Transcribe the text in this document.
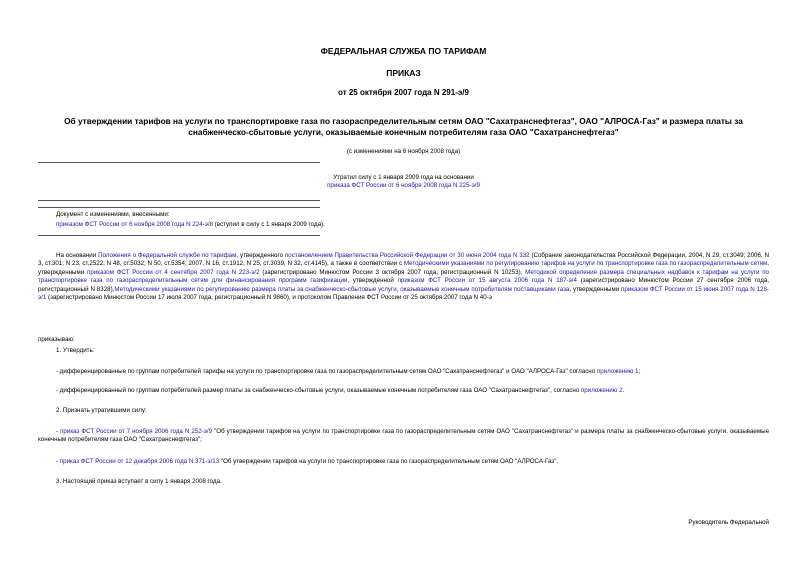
ФЕДЕРАЛЬНАЯ СЛУЖБА ПО ТАРИФАМ
ПРИКАЗ
от 25 октября 2007 года N 291-э/9
Об утверждении тарифов на услуги по транспортировке газа по газораспределительным сетям ОАО "Сахатранснефтегаз", ОАО "АЛРОСА-Газ" и размера платы за снабженческо-сбытовые услуги, оказываемые конечным потребителям газа ОАО "Сахатранснефтегаз"
(с изменениями на 6 ноября 2008 года)
Утратил силу с 1 января 2009 года на основании
приказа ФСТ России от 6 ноября 2008 года N 225-э/9
Документ с изменениями, внесенными:
приказом ФСТ России от 6 ноября 2008 года N 224-э/8 (вступил в силу с 1 января 2009 года).
На основании Положения о Федеральной службе по тарифам, утвержденного постановлением Правительства Российской Федерации от 30 июня 2004 года N 332 (Собрание законодательства Российской Федерации, 2004, N 29, ст.3049; 2006, N 3, ст.301; N 23, ст.2522; N 48, ст.5032; N 50, ст.5354; 2007, N 16, ст.1912, N 25, ст.3039, N 32, ст.4145), а также в соответствии с Методическими указаниями по регулированию тарифов на услуги по транспортировке газа по газораспределительным сетям, утвержденными приказом ФСТ России от 4 сентября 2007 года N 223-э/2 (зарегистрировано Минюстом России 3 октября 2007 года, регистрационный N 10253), Методикой определения размера специальных надбавок к тарифам на услуги по транспортировке газа по газораспределительным сетям для финансирования программ газификации, утвержденной приказом ФСТ России от 15 августа 2006 года N 187-э/4 (зарегистрировано Минюстом России 27 сентября 2006 года, регистрационный N 8328),Методическими указаниями по регулированию размера платы за снабженческо-сбытовые услуги, оказываемые конечным потребителям поставщиками газа, утвержденными приказом ФСТ России от 15 июня 2007 года N 128-э/1 (зарегистрировано Минюстом России 17 июля 2007 года, регистрационный N 9860), и протоколом Правления ФСТ России от 25 октября 2007 года N 40-э
приказываю:
1. Утвердить:
- дифференцированные по группам потребителей тарифы на услуги по транспортировке газа по газораспределительным сетям ОАО "Сахатранснефтегаз" и ОАО "АЛРОСА-Газ" согласно приложению 1;
- дифференцированный по группам потребителей размер платы за снабженческо-сбытовые услуги, оказываемые конечным потребителям газа ОАО "Сахатранснефтегаз", согласно приложению 2.
2. Признать утратившими силу:
- приказ ФСТ России от 7 ноября 2006 года N 252-э/9 "Об утверждении тарифов на услуги по транспортировке газа по газораспределительным сетям ОАО "Сахатранснефтегаз" и размера платы за снабженческо-сбытовые услуги, оказываемые конечным потребителям газа ОАО "Сахатранснефтегаз";
- приказ ФСТ России от 12 декабря 2006 года N 371-э/13 "Об утверждении тарифов на услуги по транспортировке газа по газораспределительным сетям ОАО "АЛРОСА-Газ".
3. Настоящий приказ вступает в силу 1 января 2008 года.
Руководитель Федеральной
